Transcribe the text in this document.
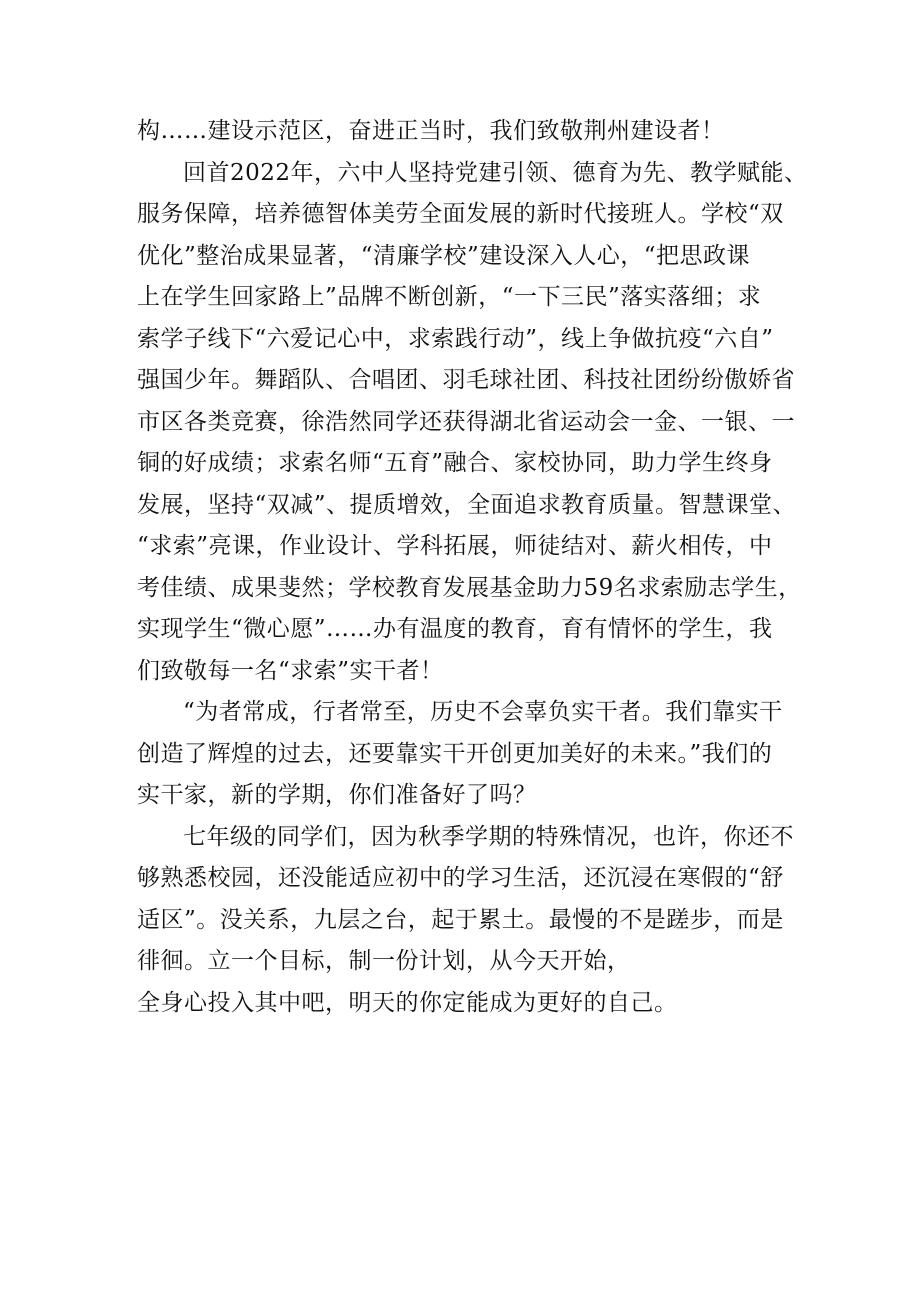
构……建设示范区，奋进正当时，我们致敬荆州建设者！
回首2022年，六中人坚持党建引领、德育为先、教学赋能、
服务保障，培养德智体美劳全面发展的新时代接班人。学校“双
优化”整治成果显著，“清廉学校”建设深入人心，“把思政课
上在学生回家路上”品牌不断创新，“一下三民”落实落细；求
索学子线下“六爱记心中，求索践行动”，线上争做抗疫“六自”
强国少年。舞蹈队、合唱团、羽毛球社团、科技社团纷纷傲娇省
市区各类竞赛，徐浩然同学还获得湖北省运动会一金、一银、一
铜的好成绩；求索名师“五育”融合、家校协同，助力学生终身
发展，坚持“双减”、提质增效，全面追求教育质量。智慧课堂、
“求索”亮课，作业设计、学科拓展，师徒结对、薪火相传，中
考佳绩、成果斐然；学校教育发展基金助力59名求索励志学生，
实现学生“微心愿”……办有温度的教育，育有情怀的学生，我
们致敬每一名“求索”实干者！
“为者常成，行者常至，历史不会辜负实干者。我们靠实干
创造了辉煌的过去，还要靠实干开创更加美好的未来。”我们的
实干家，新的学期，你们准备好了吗？
七年级的同学们，因为秋季学期的特殊情况，也许，你还不
够熟悉校园，还没能适应初中的学习生活，还沉浸在寒假的“舒
适区”。没关系，九层之台，起于累土。最慢的不是蹉步，而是
徘徊。立一个目标，制一份计划，从今天开始，
全身心投入其中吧，明天的你定能成为更好的自己。
